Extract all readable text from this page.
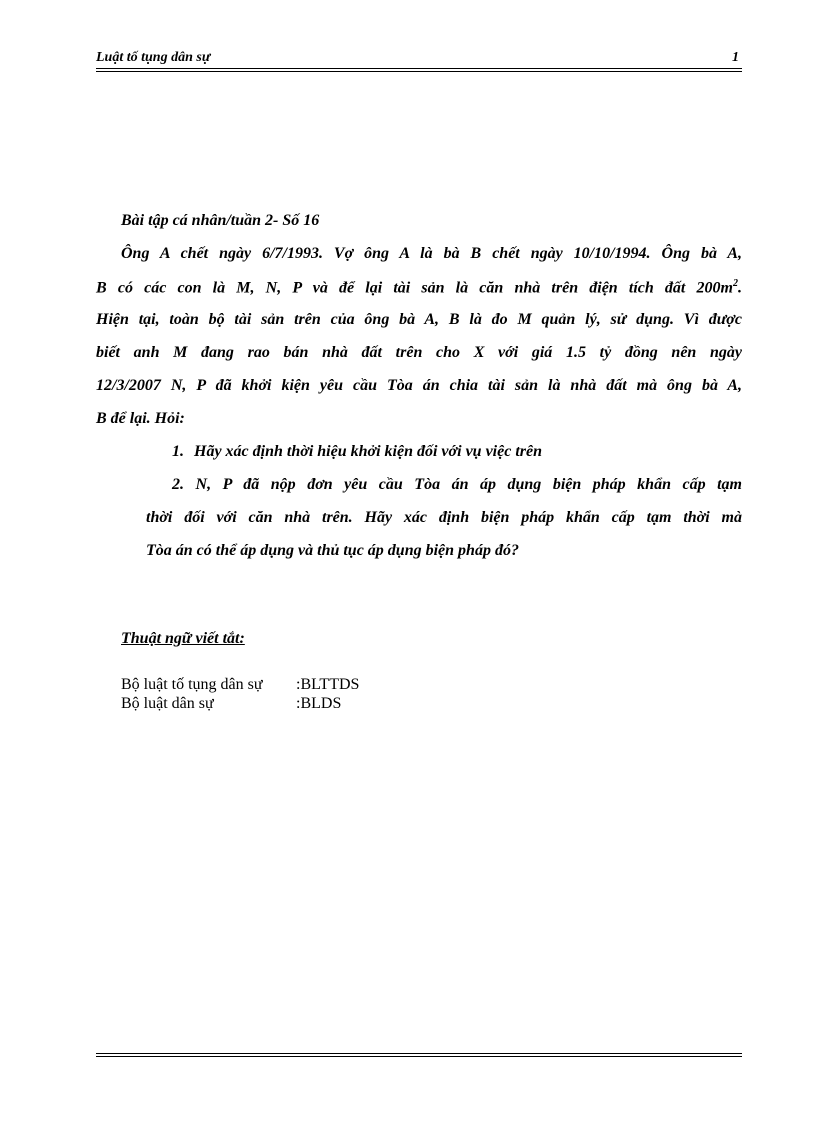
Luật tố tụng dân sự	1
Bài tập cá nhân/tuần 2- Số 16
Ông A chết ngày 6/7/1993. Vợ ông A là bà B chết ngày 10/10/1994. Ông bà A,
B có các con là M, N, P và để lại tài sản là căn nhà trên điện tích đất $200m^2$.
Hiện tại, toàn bộ tài sản trên của ông bà A, B là đo M quản lý, sử dụng. Vì được
biết anh M đang rao bán nhà đất trên cho X với giá 1.5 tỷ đồng nên ngày
12/3/2007 N, P đã khởi kiện yêu cầu Tòa án chia tài sản là nhà đất mà ông bà A,
B để lại. Hỏi:
1. Hãy xác định thời hiệu khởi kiện đối với vụ việc trên
2. N, P đã nộp đơn yêu cầu Tòa án áp dụng biện pháp khẩn cấp tạm
thời đối với căn nhà trên. Hãy xác định biện pháp khẩn cấp tạm thời mà
Tòa án có thể áp dụng và thủ tục áp dụng biện pháp đó?
Thuật ngữ viết tắt:
Bộ luật tố tụng dân sự :BLTTDS
Bộ luật dân sự	:BLDS
